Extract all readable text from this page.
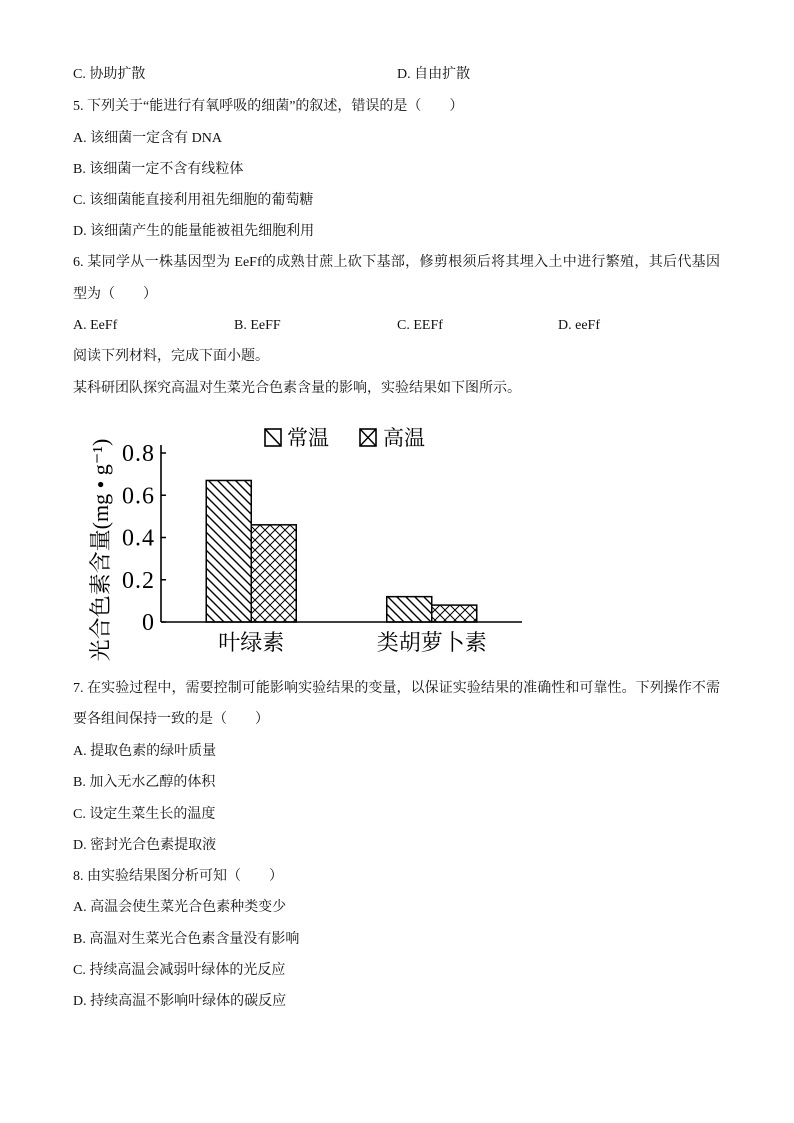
C. 协助扩散	D. 自由扩散
5. 下列关于“能进行有氧呼吸的细菌”的叙述，错误的是（　　）
A. 该细菌一定含有 DNA
B. 该细菌一定不含有线粒体
C. 该细菌能直接利用祖先细胞的葡萄糖
D. 该细菌产生的能量能被祖先细胞利用
6. 某同学从一株基因型为 EeFf的成熟甘蔗上砍下基部，修剪根须后将其埋入土中进行繁殖，其后代基因
型为（　　）
A. EeFf	B. EeFF	C. EEFf	D. eeFf
阅读下列材料，完成下面小题。
某科研团队探究高温对生菜光合色素含量的影响，实验结果如下图所示。
常温	高温
0
0.2
0.4
0.6
0.8
叶绿素	类胡萝卜素
光合色素含量(mg • g⁻¹)
7. 在实验过程中，需要控制可能影响实验结果的变量，以保证实验结果的准确性和可靠性。下列操作不需
要各组间保持一致的是（　　）
A. 提取色素的绿叶质量
B. 加入无水乙醇的体积
C. 设定生菜生长的温度
D. 密封光合色素提取液
8. 由实验结果图分析可知（　　）
A. 高温会使生菜光合色素种类变少
B. 高温对生菜光合色素含量没有影响
C. 持续高温会减弱叶绿体的光反应
D. 持续高温不影响叶绿体的碳反应
